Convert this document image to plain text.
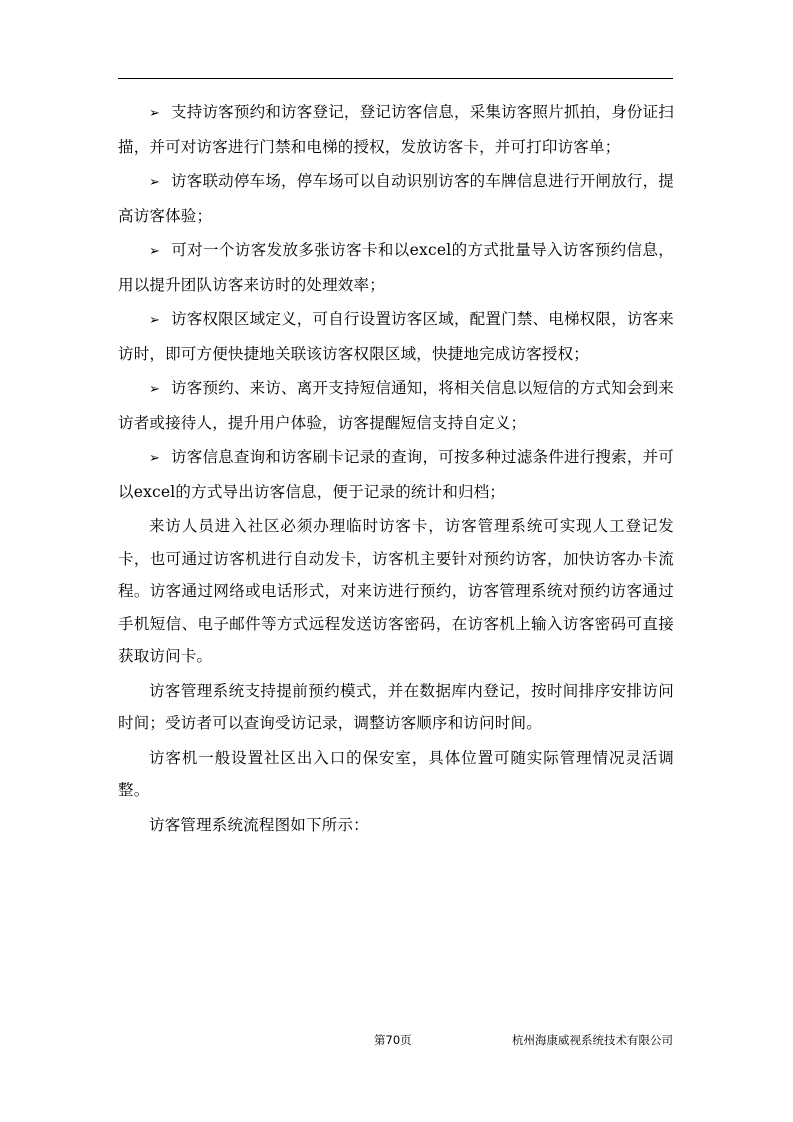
➢ 支持访客预约和访客登记，登记访客信息，采集访客照片抓拍，身份证扫描，并可对访客进行门禁和电梯的授权，发放访客卡，并可打印访客单；

➢ 访客联动停车场，停车场可以自动识别访客的车牌信息进行开闸放行，提高访客体验；

➢ 可对一个访客发放多张访客卡和以excel的方式批量导入访客预约信息，用以提升团队访客来访时的处理效率；

➢ 访客权限区域定义，可自行设置访客区域，配置门禁、电梯权限，访客来访时，即可方便快捷地关联该访客权限区域，快捷地完成访客授权；

➢ 访客预约、来访、离开支持短信通知，将相关信息以短信的方式知会到来访者或接待人，提升用户体验，访客提醒短信支持自定义；

➢ 访客信息查询和访客刷卡记录的查询，可按多种过滤条件进行搜索，并可以excel的方式导出访客信息，便于记录的统计和归档；

来访人员进入社区必须办理临时访客卡，访客管理系统可实现人工登记发卡，也可通过访客机进行自动发卡，访客机主要针对预约访客，加快访客办卡流程。访客通过网络或电话形式，对来访进行预约，访客管理系统对预约访客通过手机短信、电子邮件等方式远程发送访客密码，在访客机上输入访客密码可直接获取访问卡。

访客管理系统支持提前预约模式，并在数据库内登记，按时间排序安排访问时间；受访者可以查询受访记录，调整访客顺序和访问时间。

访客机一般设置社区出入口的保安室，具体位置可随实际管理情况灵活调整。

访客管理系统流程图如下所示：

第70页	杭州海康威视系统技术有限公司
